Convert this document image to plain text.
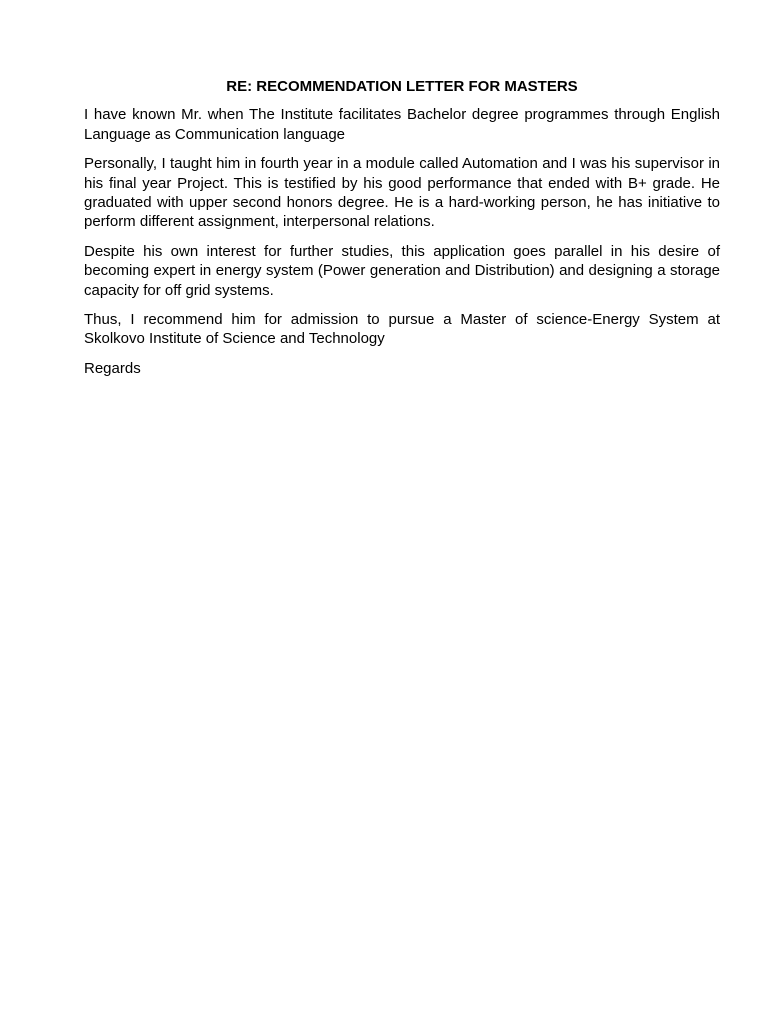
RE: RECOMMENDATION LETTER FOR MASTERS

I have known Mr. when The Institute facilitates Bachelor degree programmes through English Language as Communication language

Personally, I taught him in fourth year in a module called Automation and I was his supervisor in his final year Project. This is testified by his good performance that ended with B+ grade. He graduated with upper second honors degree. He is a hard-working person, he has initiative to perform different assignment, interpersonal relations.

Despite his own interest for further studies, this application goes parallel in his desire of becoming expert in energy system (Power generation and Distribution) and designing a storage capacity for off grid systems.

Thus, I recommend him for admission to pursue a Master of science-Energy System at Skolkovo Institute of Science and Technology

Regards
